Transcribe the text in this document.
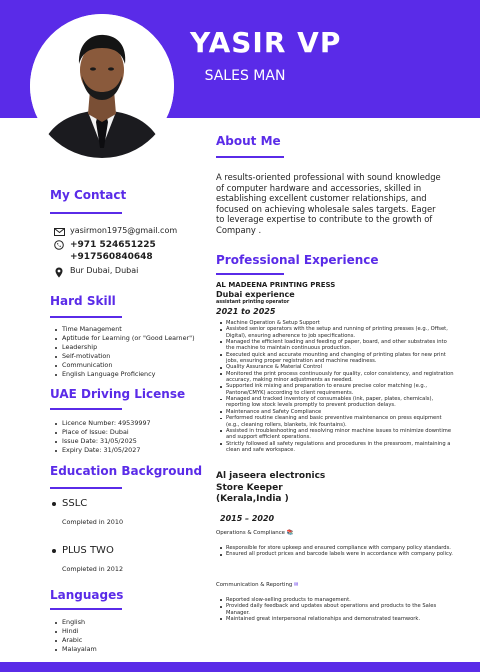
YASIR VP
SALES MAN
My Contact
yasirmon1975@gmail.com
+971 524651225
+917560840648
Bur Dubai, Dubai
Hard Skill
Time Management
Aptitude for Learning (or "Good Learner")
Leadership
Self-motivation
Communication
English Language Proficiency
UAE Driving License
Licence Number: 49539997
Place of Issue: Dubai
Issue Date: 31/05/2025
Expiry Date: 31/05/2027
Education Background
SSLC
Completed in 2010
PLUS TWO
Completed in 2012
Languages
English
Hindi
Arabic
Malayalam
About Me
A results-oriented professional with sound knowledge of computer hardware and accessories, skilled in establishing excellent customer relationships, and focused on achieving wholesale sales targets. Eager to leverage expertise to contribute to the growth of Company .
Professional Experience
AL MADEENA PRINTING PRESS
Dubai experience
assistant printing operator
2021 to 2025
Machine Operation & Setup Support
Assisted senior operators with the setup and running of printing presses (e.g., Offset, Digital), ensuring adherence to job specifications.
Managed the efficient loading and feeding of paper, board, and other substrates into the machine to maintain continuous production.
Executed quick and accurate mounting and changing of printing plates for new print jobs, ensuring proper registration and machine readiness.
Quality Assurance & Material Control
Monitored the print process continuously for quality, color consistency, and registration accuracy, making minor adjustments as needed.
Supported ink mixing and preparation to ensure precise color matching (e.g., Pantone/CMYK) according to client requirements.
Managed and tracked inventory of consumables (ink, paper, plates, chemicals), reporting low stock levels promptly to prevent production delays.
Maintenance and Safety Compliance
Performed routine cleaning and basic preventive maintenance on press equipment (e.g., cleaning rollers, blankets, ink fountains).
Assisted in troubleshooting and resolving minor machine issues to minimize downtime and support efficient operations.
Strictly followed all safety regulations and procedures in the pressroom, maintaining a clean and safe workspace.
Al jaseera electronics
Store Keeper
(Kerala,India )
2015 – 2020
Operations & Compliance 📚
Responsible for store upkeep and ensured compliance with company policy standards.
Ensured all product prices and barcode labels were in accordance with company policy.
Communication & Reporting ✉
Reported slow-selling products to management.
Provided daily feedback and updates about operations and products to the Sales Manager.
Maintained great interpersonal relationships and demonstrated teamwork.
